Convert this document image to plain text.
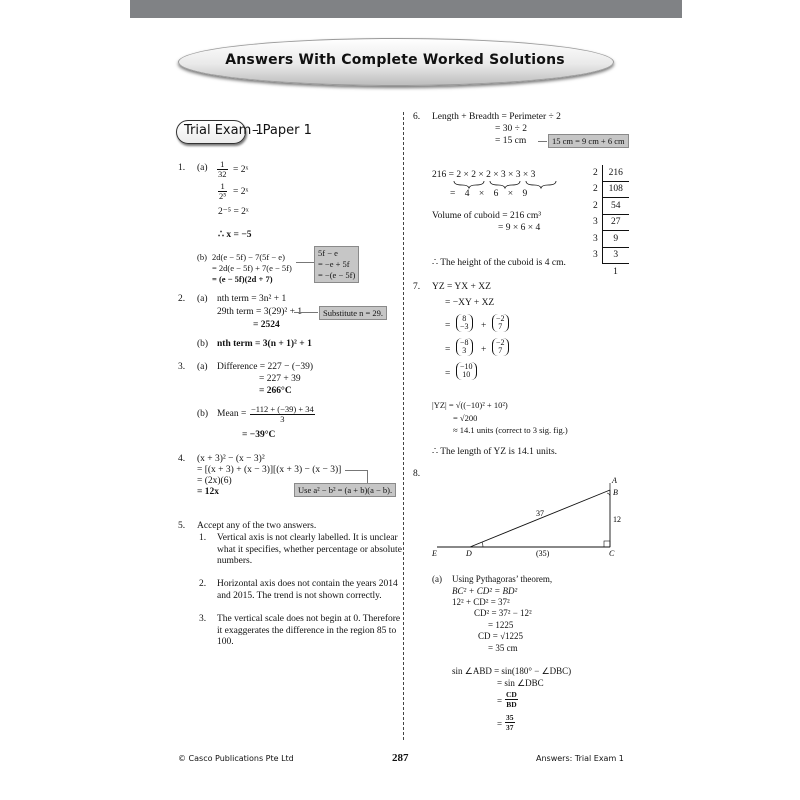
Answers With Complete Worked Solutions
Trial Exam 1
– Paper 1
1. $(a) \frac{1}{32}$ = 2ˣ
$\frac{1}{\text{2⁵}}$ = 2ˣ
2⁻⁵ = 2ˣ
∴ x = −5
(b) 2d(e − 5f) − 7(5f − e)
= 2d(e − 5f) + 7(e − 5f)
= (e − 5f)(2d + 7)
5f − e
= −e + 5f
= −(e − 5f)
2. (a) nth term = 3n² + 1
29th term = 3(29)² + 1
= 2524
Substitute n = 29.
(b) nth term = 3(n + 1)² + 1
3. (a) Difference = 227 − (−39)
= 227 + 39
= 266°C
(b) Mean = $\frac{-112 + (-39) + 34}{3}$
= −39°C
4. (x + 3)² − (x − 3)²
= [(x + 3) + (x − 3)][(x + 3) − (x − 3)]
= (2x)(6)
= 12x	Use a² − b² = (a + b)(a − b).
5. Accept any of the two answers.
1. Vertical axis is not clearly labelled. It is unclear what it specifies, whether percentage or absolute numbers.
2. Horizontal axis does not contain the years 2014 and 2015. The trend is not shown correctly.
3. The vertical scale does not begin at 0. Therefore it exaggerates the difference in the region 85 to 100.
6. Length + Breadth = Perimeter ÷ 2
= 30 ÷ 2
= 15 cm	15 cm = 9 cm + 6 cm
216 = 2 × 2 × 2 × 3 × 3 × 3
= 4 × 6 × 9
Volume of cuboid = 216 cm³
= 9 × 6 × 4
∴ The height of the cuboid is 4 cm.
2	216
2	108
2	54
3	27
3	9
3	3
	1
7. YZ = YX + XZ
= −XY + XZ
=
8
−3	+
−2
7
=
−8
3	+
−2
7
=
−10
10
|YZ| = √((−10)² + 10²)
= √200
≈ 14.1 units (correct to 3 sig. fig.)
∴ The length of YZ is 14.1 units.
8.
A
B
C
D
E
37
12
(35)
(a) Using Pythagoras’ theorem,
BC² + CD² = BD²
12² + CD² = 37²
CD² = 37² − 12²
= 1225
CD = √1225
= 35 cm
sin ∠ABD = sin(180° − ∠DBC)
= sin ∠DBC
= $\frac{CD}{BD}$
= $\frac{35}{37}$
© Casco Publications Pte Ltd	287	Answers: Trial Exam 1
